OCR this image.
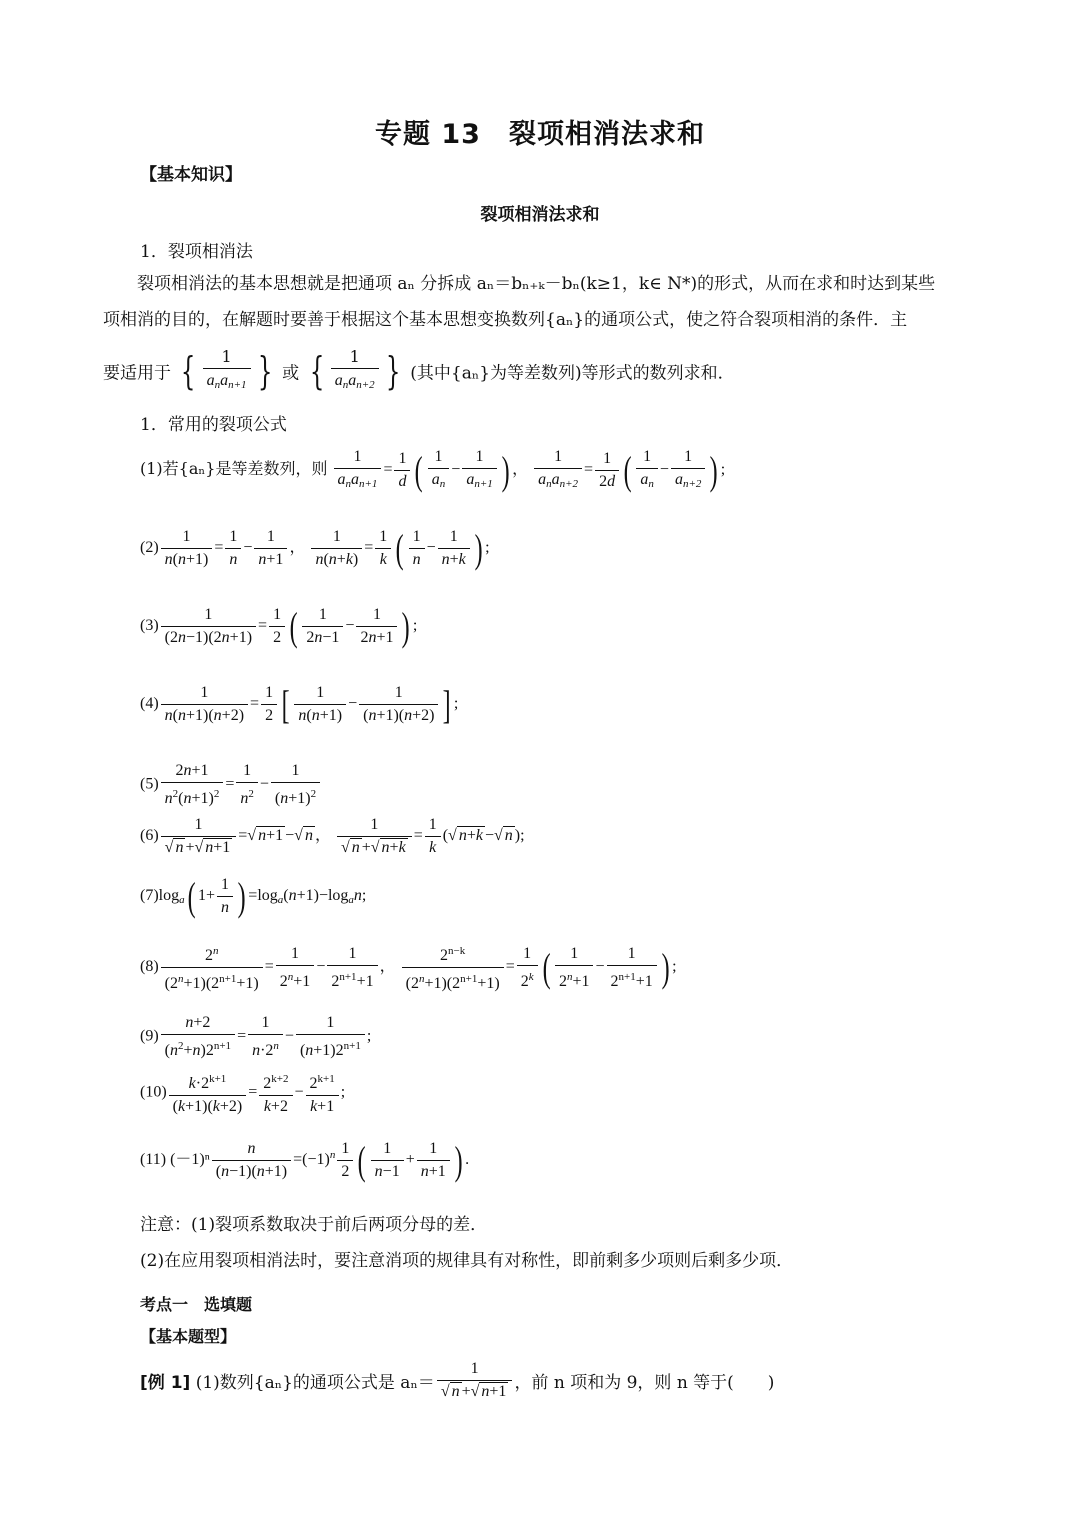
专题 13　裂项相消法求和
【基本知识】
裂项相消法求和
1．裂项相消法
裂项相消法的基本思想就是把通项 aₙ 分拆成 aₙ＝bₙ₊ₖ－bₙ(k≥1，k∈ N*)的形式，从而在求和时达到某些
项相消的目的，在解题时要善于根据这个基本思想变换数列{aₙ}的通项公式，使之符合裂项相消的条件．主
要适用于 { $\frac{1}{a_na_{n+1}}$ } 或 { $\frac{1}{a_na_{n+2}}$ } (其中{aₙ}为等差数列)等形式的数列求和．
1．常用的裂项公式
(1)若{aₙ}是等差数列，则 $\frac{1}{a_na_{n+1}} = \frac{1}{d}$ ( $\frac{1}{a_n} - \frac{1}{a_{n+1}}$ ) ， $\frac{1}{a_na_{n+2}} = \frac{1}{2d}$ ( $\frac{1}{a_n} - \frac{1}{a_{n+2}}$ ) ;
$(2) \frac{1}{n(n+1)} = \frac{1}{n} - \frac{1}{n+1}$ ， $\frac{1}{n(n+k)} = \frac{1}{k}$ ( $\frac{1}{n} - \frac{1}{n+k}$ ) ;
$(3) \frac{1}{(2n-1)(2n+1)} = \frac{1}{2}$ ( $\frac{1}{2n-1} - \frac{1}{2n+1}$ ) ;
$(4) \frac{1}{n(n+1)(n+2)} = \frac{1}{2}$ [ $\frac{1}{n(n+1)} - \frac{1}{(n+1)(n+2)}$ ] ;
$(5) \frac{2n+1}{n^2(n+1)^2} = \frac{1}{n^2} - \frac{1}{(n+1)^2}$
$(6) \frac{1}{√ n +√ n+1}$ =√ n+1 −√ n ， $\frac{1}{√ n +√ n+k} = \frac{1}{k}$ (√ n+k −√ n );
$(7)\log_a$( $1+ \frac{1}{n}$ ) $=\log_a(n+1)-\log_an$;
$(8) \frac{2^n}{(2^n+1)(2^{n+1}+1)} = \frac{1}{2^n+1} - \frac{1}{2^{n+1}+1}$ ， $\frac{2^{n-k}}{(2^n+1)(2^{n+1}+1)} = \frac{1}{2^k}$ ( $\frac{1}{2^n+1} - \frac{1}{2^{n+1}+1}$ ) ;
$(9) \frac{n+2}{(n^2+n)2^{n+1}} = \frac{1}{n\cdot 2^n} - \frac{1}{(n+1)2^{n+1}}$ ;
$(10) \frac{k\cdot 2^{k+1}}{(k+1)(k+2)} = \frac{2^{k+2}}{k+2} - \frac{2^{k+1}}{k+1}$ ;
(11) $(-1)^n \frac{n}{(n-1)(n+1)} =(-1)^n \frac{1}{2}$ ( $\frac{1}{n-1} + \frac{1}{n+1}$ ) .
注意：(1)裂项系数取决于前后两项分母的差．
(2)在应用裂项相消法时，要注意消项的规律具有对称性，即前剩多少项则后剩多少项．
考点一　选填题
【基本题型】
[例 1] (1)数列{aₙ}的通项公式是 $a_n= \frac{1}{√ n +√ n+1}$ ，前 n 项和为 9，则 n 等于(　　)
